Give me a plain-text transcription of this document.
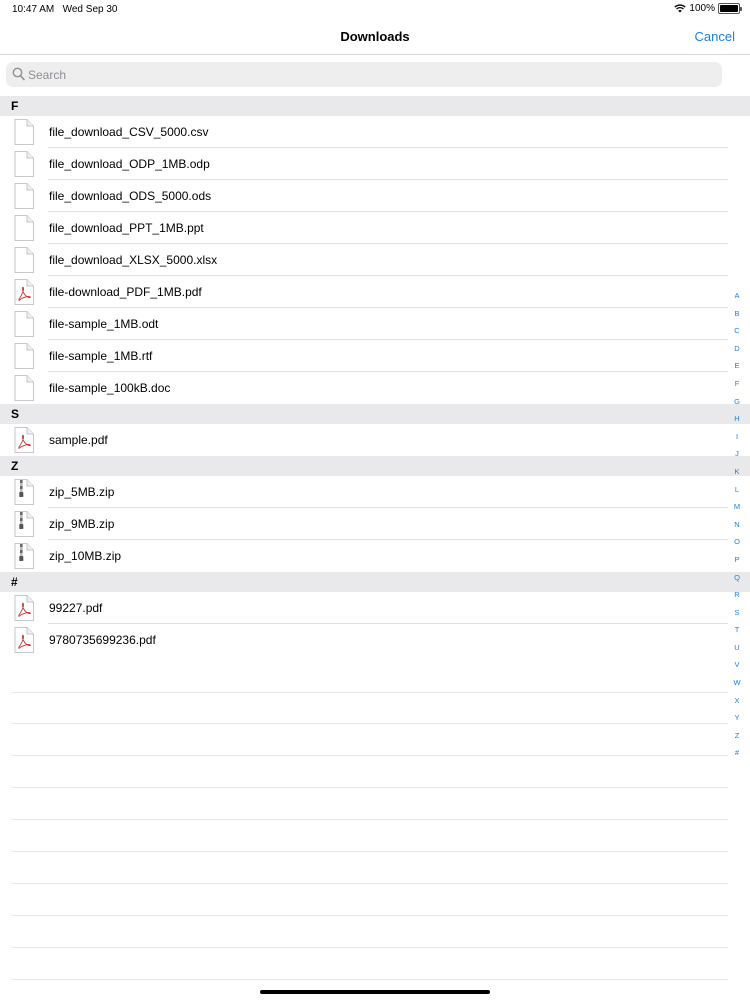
10:47 AM Wed Sep 30	100%
Downloads	Cancel
Search
F
file_download_CSV_5000.csv
file_download_ODP_1MB.odp
file_download_ODS_5000.ods
file_download_PPT_1MB.ppt
file_download_XLSX_5000.xlsx
file-download_PDF_1MB.pdf
file-sample_1MB.odt
file-sample_1MB.rtf
file-sample_100kB.doc
S
sample.pdf
Z
zip_5MB.zip
zip_9MB.zip
zip_10MB.zip
#
99227.pdf
9780735699236.pdf
A
B
C
D
E
F
G
H
I
J
K
L
M
N
O
P
Q
R
S
T
U
V
W
X
Y
Z
#
